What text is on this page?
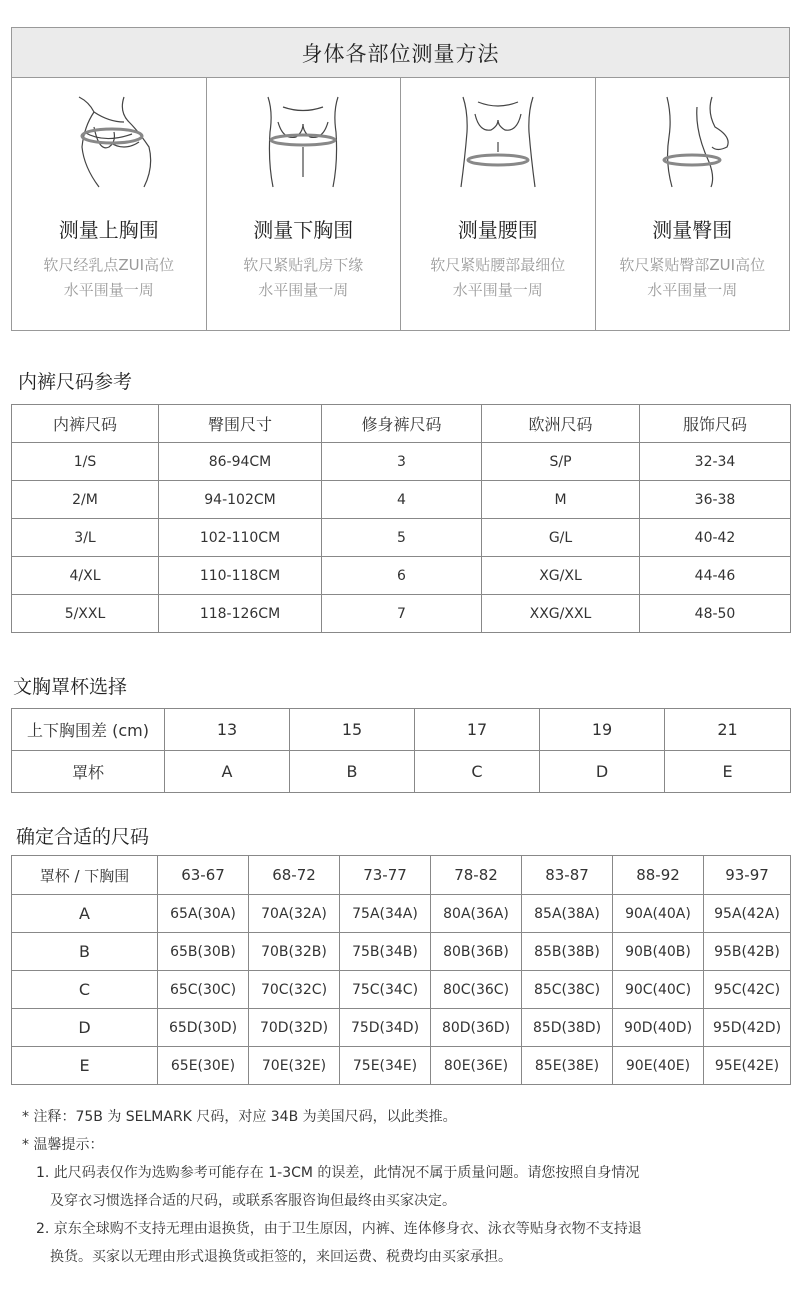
身体各部位测量方法
测量上胸围
软尺经乳点ZUI高位
水平围量一周
测量下胸围
软尺紧贴乳房下缘
水平围量一周
测量腰围
软尺紧贴腰部最细位
水平围量一周
测量臀围
软尺紧贴臀部ZUI高位
水平围量一周
内裤尺码参考
内裤尺码	臀围尺寸	修身裤尺码	欧洲尺码	服饰尺码
1/S	86-94CM	3	S/P	32-34
2/M	94-102CM	4	M	36-38
3/L	102-110CM	5	G/L	40-42
4/XL	110-118CM	6	XG/XL	44-46
5/XXL	118-126CM	7	XXG/XXL	48-50
文胸罩杯选择
上下胸围差 (cm)	13	15	17	19	21
罩杯	A	B	C	D	E
确定合适的尺码
罩杯 / 下胸围	63-67	68-72	73-77	78-82	83-87	88-92	93-97
A	65A(30A)	70A(32A)	75A(34A)	80A(36A)	85A(38A)	90A(40A)	95A(42A)
B	65B(30B)	70B(32B)	75B(34B)	80B(36B)	85B(38B)	90B(40B)	95B(42B)
C	65C(30C)	70C(32C)	75C(34C)	80C(36C)	85C(38C)	90C(40C)	95C(42C)
D	65D(30D)	70D(32D)	75D(34D)	80D(36D)	85D(38D)	90D(40D)	95D(42D)
E	65E(30E)	70E(32E)	75E(34E)	80E(36E)	85E(38E)	90E(40E)	95E(42E)
* 注释：75B 为 SELMARK 尺码，对应 34B 为美国尺码，以此类推。
* 温馨提示：
1. 此尺码表仅作为选购参考可能存在 1-3CM 的误差，此情况不属于质量问题。请您按照自身情况
及穿衣习惯选择合适的尺码，或联系客服咨询但最终由买家决定。
2. 京东全球购不支持无理由退换货，由于卫生原因，内裤、连体修身衣、泳衣等贴身衣物不支持退
换货。买家以无理由形式退换货或拒签的，来回运费、税费均由买家承担。
